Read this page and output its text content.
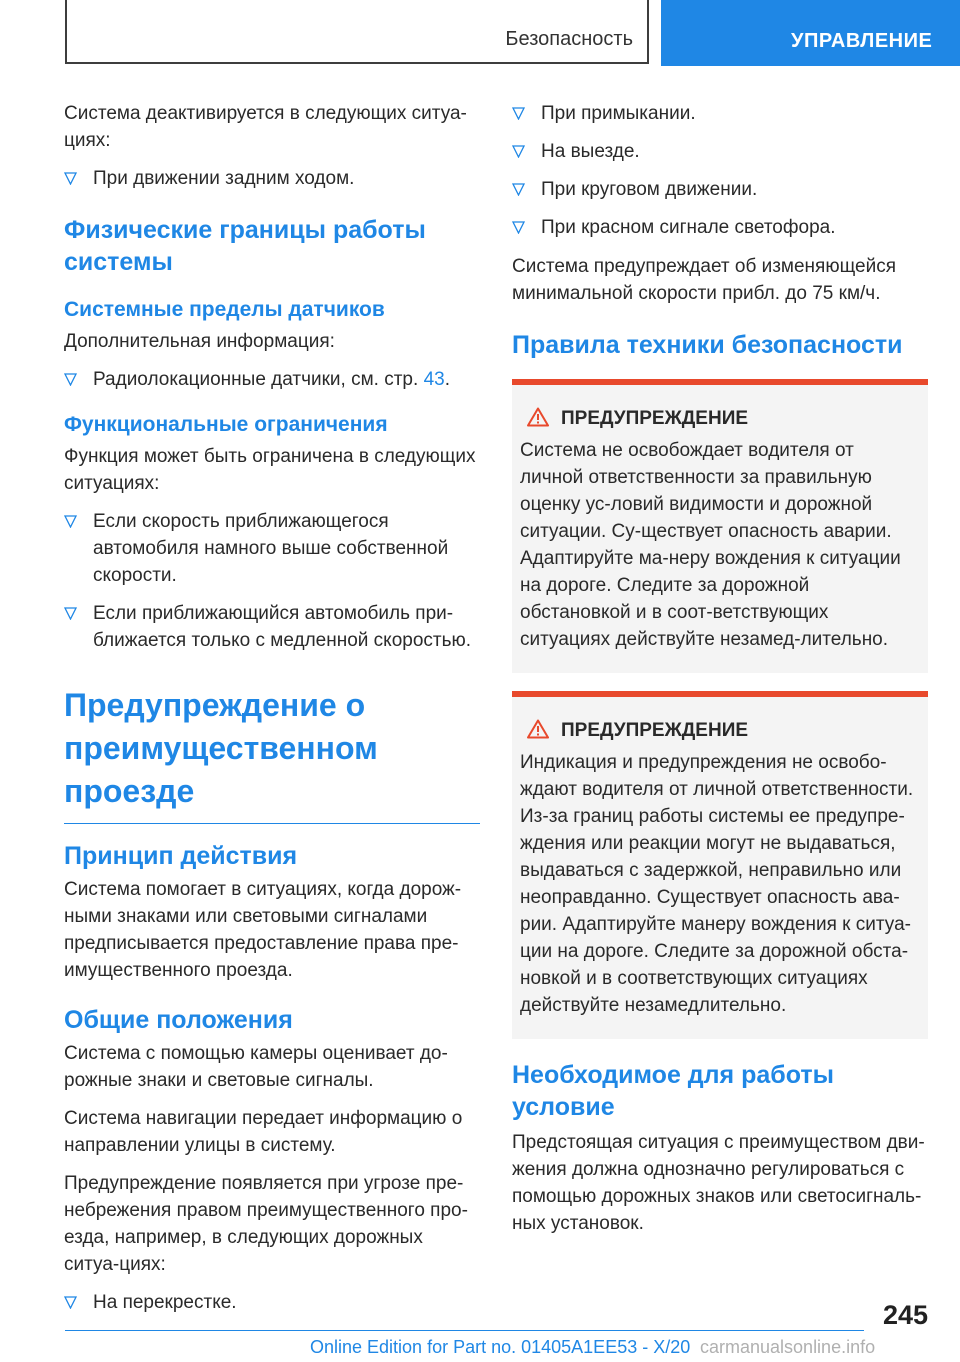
Безопасность	УПРАВЛЕНИЕ

Система деактивируется в следующих ситуа-циях:

При движении задним ходом.
Физические границы работы системы
Системные пределы датчиков

Дополнительная информация:

Радиолокационные датчики, см. стр. 43.
Функциональные ограничения

Функция может быть ограничена в следующих ситуациях:

Если скорость приближающегося автомобиля намного выше собственной скорости.
Если приближающийся автомобиль при-ближается только с медленной скоростью.
Предупреждение о преимущественном проезде
Принцип действия

Система помогает в ситуациях, когда дорож-ными знаками или световыми сигналами предписывается предоставление права пре-имущественного проезда.

Общие положения

Система с помощью камеры оценивает до-рожные знаки и световые сигналы.

Система навигации передает информацию о направлении улицы в систему.

Предупреждение появляется при угрозе пре-небрежения правом преимущественного про-езда, например, в следующих дорожных ситуа-циях:

На перекрестке.
При примыкании.
На выезде.
При круговом движении.
При красном сигнале светофора.

Система предупреждает об изменяющейся минимальной скорости прибл. до 75 км/ч.

Правила техники безопасности
ПРЕДУПРЕЖДЕНИЕ

Система не освобождает водителя от личной ответственности за правильную оценку ус-ловий видимости и дорожной ситуации. Су-ществует опасность аварии. Адаптируйте ма-неру вождения к ситуации на дороге. Следите за дорожной обстановкой и в соот-ветствующих ситуациях действуйте незамед-лительно.

ПРЕДУПРЕЖДЕНИЕ

Индикация и предупреждения не освобо-ждают водителя от личной ответственности. Из-за границ работы системы ее предупре-ждения или реакции могут не выдаваться, выдаваться с задержкой, неправильно или неоправданно. Существует опасность ава-рии. Адаптируйте манеру вождения к ситуа-ции на дороге. Следите за дорожной обста-новкой и в соответствующих ситуациях действуйте незамедлительно.

Необходимое для работы условие

Предстоящая ситуация с преимуществом дви-жения должна однозначно регулироваться с помощью дорожных знаков или светосигналь-ных установок.

245
Online Edition for Part no. 01405A1EE53 - X/20 carmanualsonline.info
